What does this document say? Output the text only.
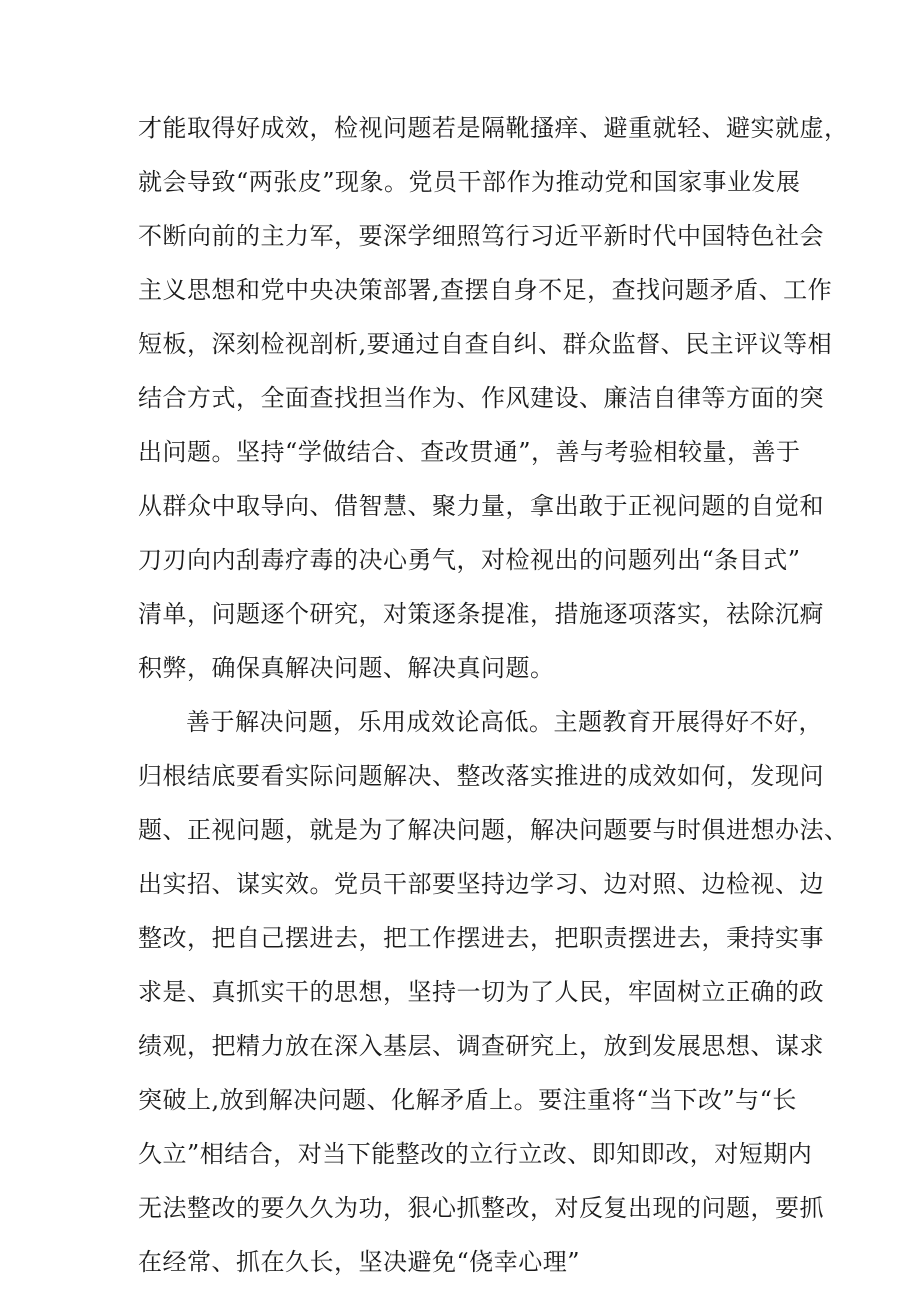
才能取得好成效，检视问题若是隔靴搔痒、避重就轻、避实就虚，
就会导致“两张皮”现象。党员干部作为推动党和国家事业发展
不断向前的主力军，要深学细照笃行习近平新时代中国特色社会
主义思想和党中央决策部署,查摆自身不足，查找问题矛盾、工作
短板，深刻检视剖析,要通过自查自纠、群众监督、民主评议等相
结合方式，全面查找担当作为、作风建设、廉洁自律等方面的突
出问题。坚持“学做结合、查改贯通”，善与考验相较量，善于
从群众中取导向、借智慧、聚力量，拿出敢于正视问题的自觉和
刀刃向内刮毒疗毒的决心勇气，对检视出的问题列出“条目式”
清单，问题逐个研究，对策逐条提准，措施逐项落实，祛除沉痾
积弊，确保真解决问题、解决真问题。
善于解决问题，乐用成效论高低。主题教育开展得好不好，
归根结底要看实际问题解决、整改落实推进的成效如何，发现问
题、正视问题，就是为了解决问题，解决问题要与时俱进想办法、
出实招、谋实效。党员干部要坚持边学习、边对照、边检视、边
整改，把自己摆进去，把工作摆进去，把职责摆进去，秉持实事
求是、真抓实干的思想，坚持一切为了人民，牢固树立正确的政
绩观，把精力放在深入基层、调查研究上，放到发展思想、谋求
突破上,放到解决问题、化解矛盾上。要注重将“当下改”与“长
久立”相结合，对当下能整改的立行立改、即知即改，对短期内
无法整改的要久久为功，狠心抓整改，对反复出现的问题，要抓
在经常、抓在久长，坚决避免“侥幸心理”
